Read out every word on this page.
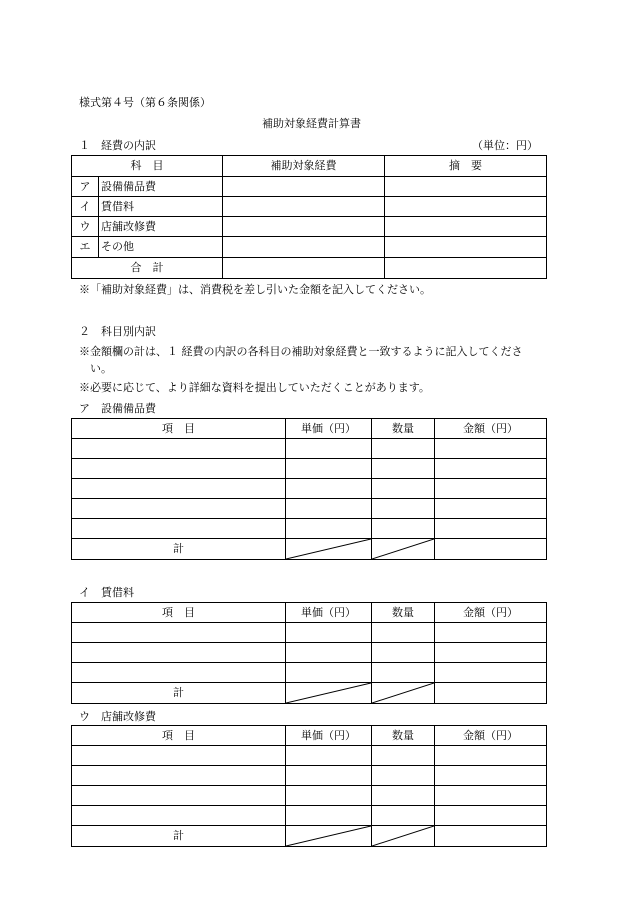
様式第４号（第６条関係）
補助対象経費計算書
１　経費の内訳	（単位：円）
科　目		補助対象経費	摘　要
ア	設備備品費		
イ	賃借料		
ウ	店舗改修費		
エ	その他		
合　計			
※「補助対象経費」は、消費税を差し引いた金額を記入してください。
２　科目別内訳
※金額欄の計は、１ 経費の内訳の各科目の補助対象経費と一致するように記入してくださ
い。
※必要に応じて、より詳細な資料を提出していただくことがあります。
ア　設備備品費
項　目	単価（円）	数量	金額（円）

計	

イ　賃借料
項　目	単価（円）	数量	金額（円）

計	

ウ　店舗改修費
項　目	単価（円）	数量	金額（円）

計	
